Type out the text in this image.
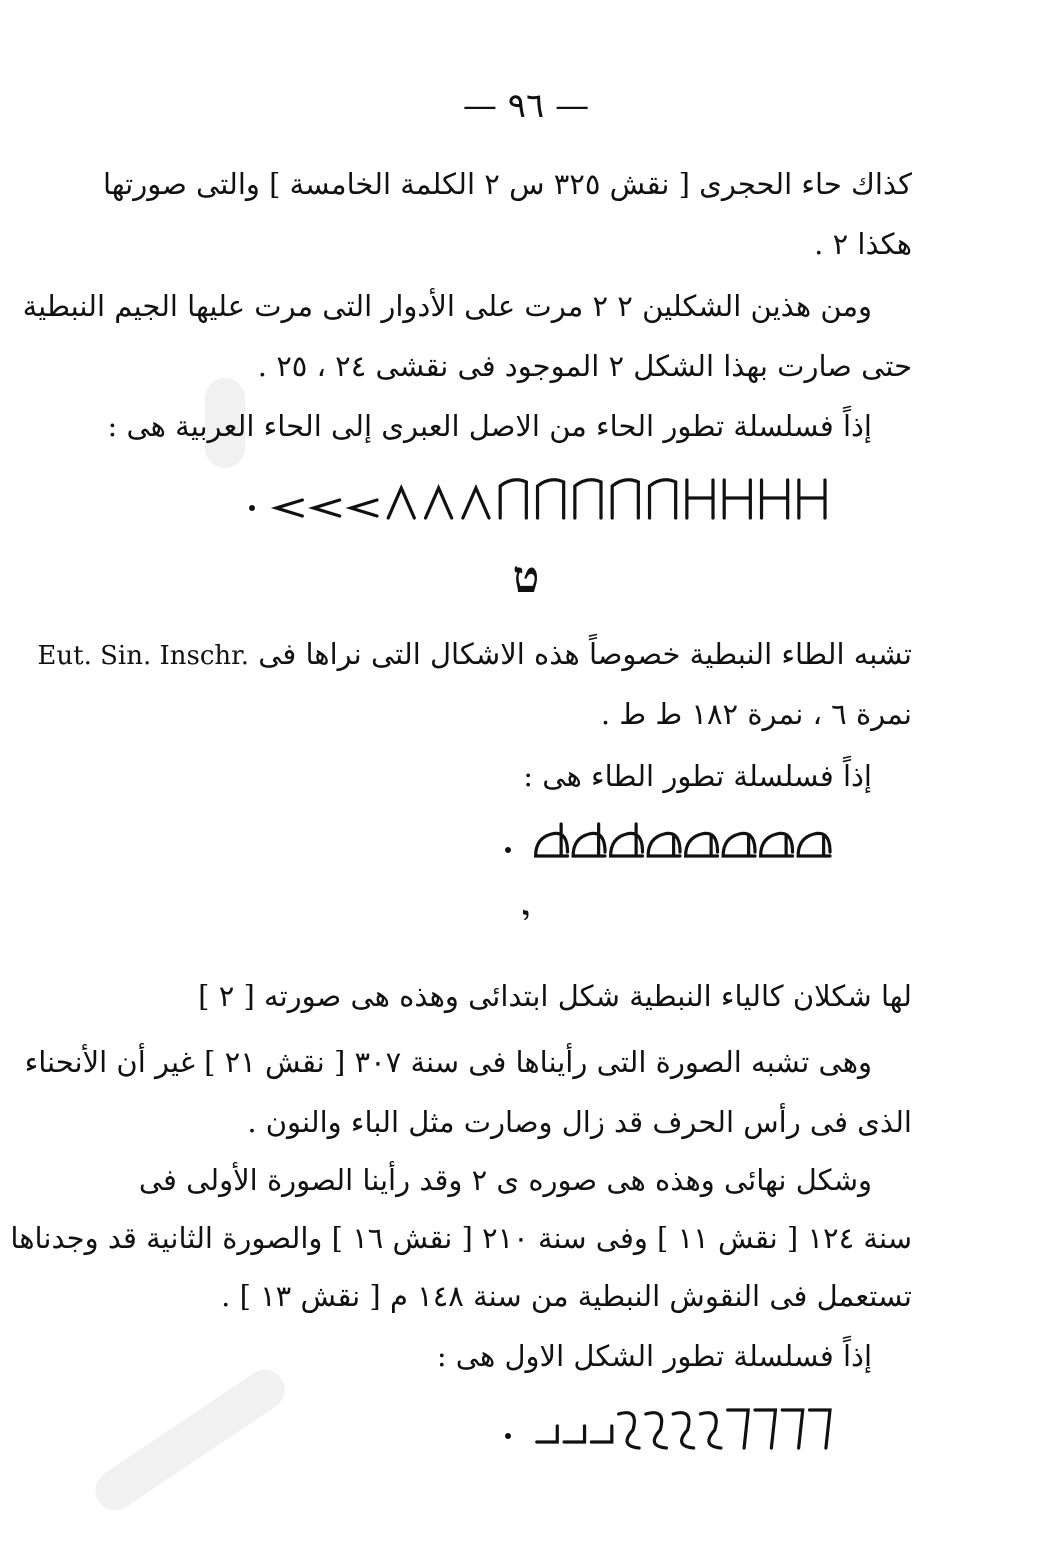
— ٩٦ —
كذاك حاء الحجرى [ نقش ٣٢٥ س ٢ الكلمة الخامسة ] والتى صورتها
هكذا ٢ .
ومن هذين الشكلين ٢ ٢ مرت على الأدوار التى مرت عليها الجيم النبطية
حتى صارت بهذا الشكل ٢ الموجود فى نقشى ٢٤ ، ٢٥ .
إذاً فسلسلة تطور الحاء من الاصل العبرى إلى الحاء العربية هى :
ט
تشبه الطاء النبطية خصوصاً هذه الاشكال التى نراها فى Eut. Sin. Inschr.
نمرة ٦ ، نمرة ١٨٢ ط ط .
إذاً فسلسلة تطور الطاء هى :
י
لها شكلان كالياء النبطية شكل ابتدائى وهذه هى صورته [ ٢ ]
وهى تشبه الصورة التى رأيناها فى سنة ٣٠٧ [ نقش ٢١ ] غير أن الأنحناء
الذى فى رأس الحرف قد زال وصارت مثل الباء والنون .
وشكل نهائى وهذه هى صوره ى ٢ وقد رأينا الصورة الأولى فى
سنة ١٢٤ [ نقش ١١ ] وفى سنة ٢١٠ [ نقش ١٦ ] والصورة الثانية قد وجدناها
تستعمل فى النقوش النبطية من سنة ١٤٨ م [ نقش ١٣ ] .
إذاً فسلسلة تطور الشكل الاول هى :
